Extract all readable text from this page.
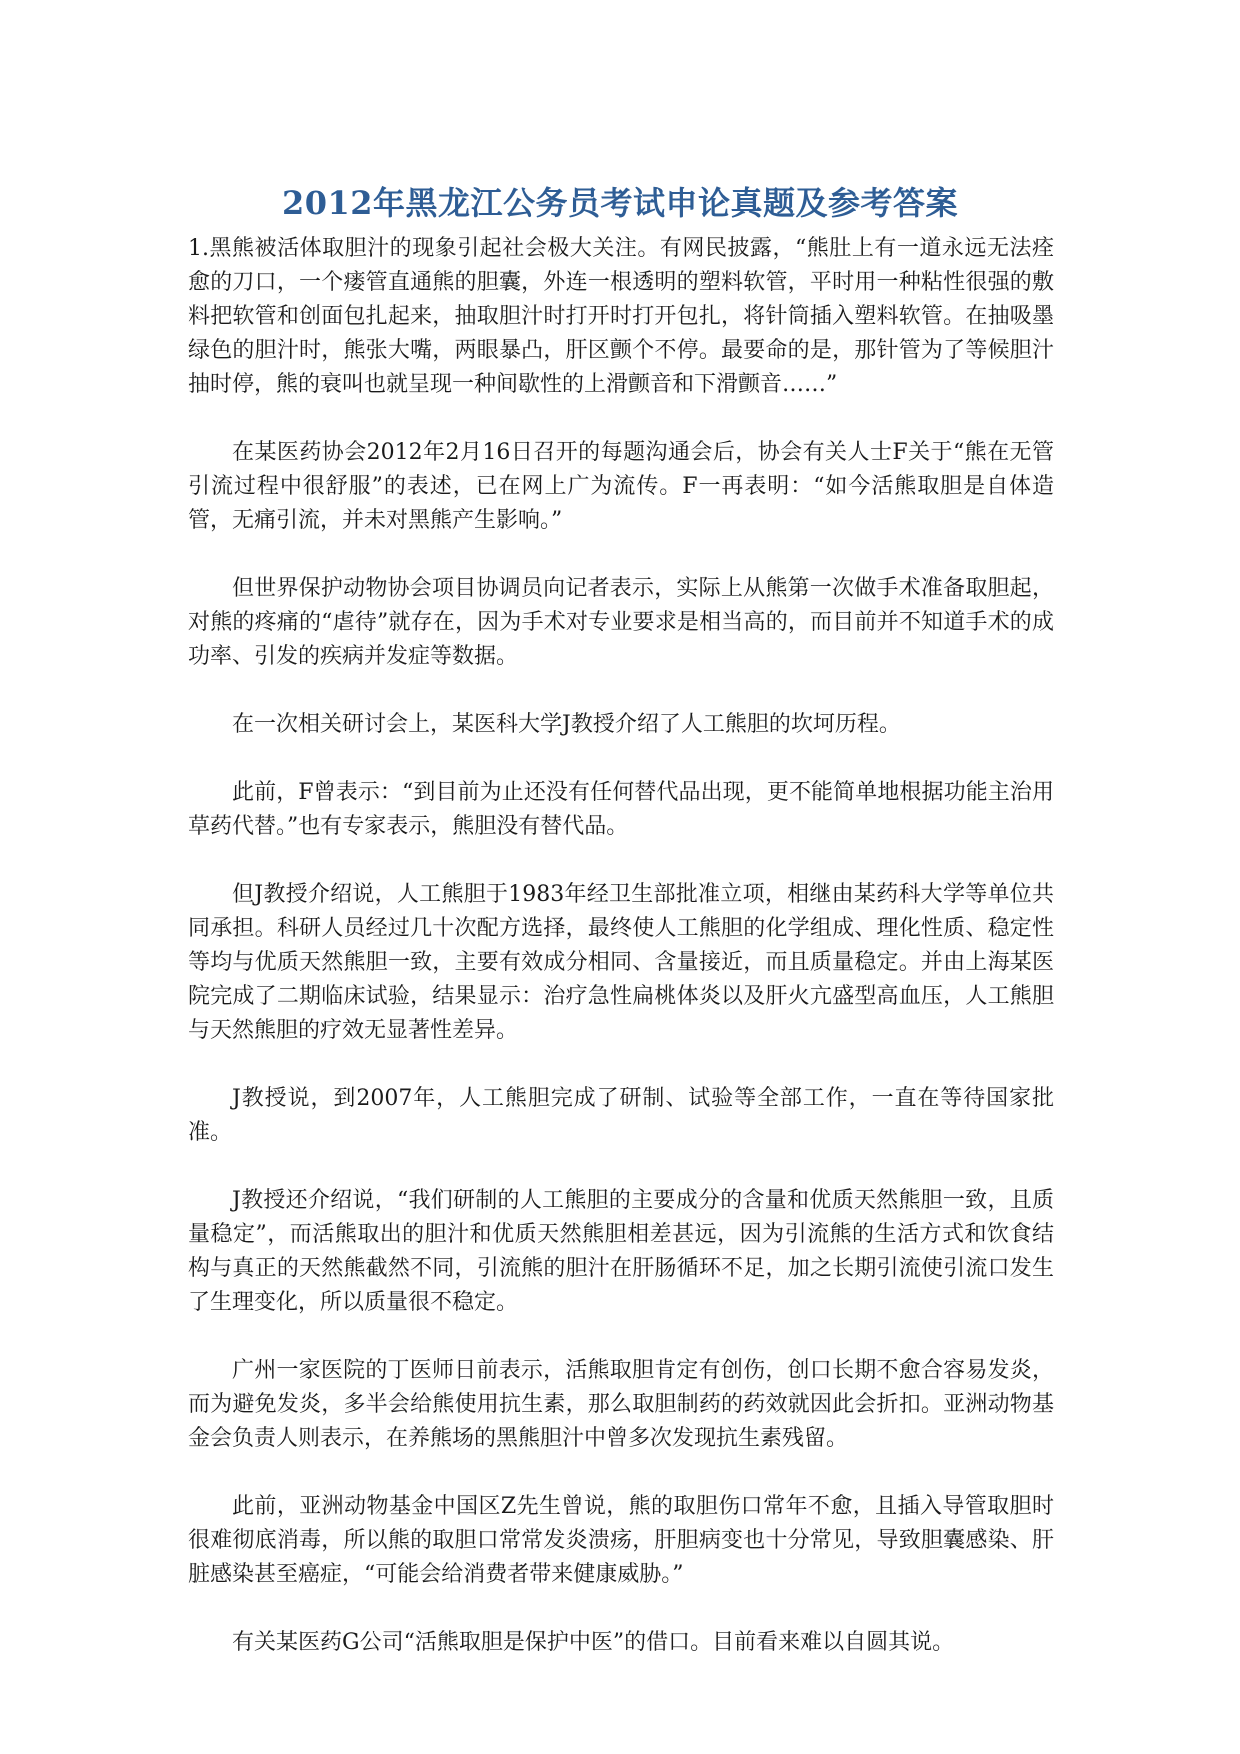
2012年黑龙江公务员考试申论真题及参考答案

1.黑熊被活体取胆汁的现象引起社会极大关注。有网民披露，“熊肚上有一道永远无法痊愈的刀口，一个瘘管直通熊的胆囊，外连一根透明的塑料软管，平时用一种粘性很强的敷料把软管和创面包扎起来，抽取胆汁时打开时打开包扎，将针筒插入塑料软管。在抽吸墨绿色的胆汁时，熊张大嘴，两眼暴凸，肝区颤个不停。最要命的是，那针管为了等候胆汁抽时停，熊的衰叫也就呈现一种间歇性的上滑颤音和下滑颤音……”

在某医药协会2012年2月16日召开的每题沟通会后，协会有关人士F关于“熊在无管引流过程中很舒服”的表述，已在网上广为流传。F一再表明：“如今活熊取胆是自体造管，无痛引流，并未对黑熊产生影响。”

但世界保护动物协会项目协调员向记者表示，实际上从熊第一次做手术准备取胆起，对熊的疼痛的“虐待”就存在，因为手术对专业要求是相当高的，而目前并不知道手术的成功率、引发的疾病并发症等数据。

在一次相关研讨会上，某医科大学J教授介绍了人工熊胆的坎坷历程。

此前，F曾表示：“到目前为止还没有任何替代品出现，更不能简单地根据功能主治用草药代替。”也有专家表示，熊胆没有替代品。

但J教授介绍说，人工熊胆于1983年经卫生部批准立项，相继由某药科大学等单位共同承担。科研人员经过几十次配方选择，最终使人工熊胆的化学组成、理化性质、稳定性等均与优质天然熊胆一致，主要有效成分相同、含量接近，而且质量稳定。并由上海某医院完成了二期临床试验，结果显示：治疗急性扁桃体炎以及肝火亢盛型高血压，人工熊胆与天然熊胆的疗效无显著性差异。

J教授说，到2007年，人工熊胆完成了研制、试验等全部工作，一直在等待国家批准。

J教授还介绍说，“我们研制的人工熊胆的主要成分的含量和优质天然熊胆一致，且质量稳定”，而活熊取出的胆汁和优质天然熊胆相差甚远，因为引流熊的生活方式和饮食结构与真正的天然熊截然不同，引流熊的胆汁在肝肠循环不足，加之长期引流使引流口发生了生理变化，所以质量很不稳定。

广州一家医院的丁医师日前表示，活熊取胆肯定有创伤，创口长期不愈合容易发炎，而为避免发炎，多半会给熊使用抗生素，那么取胆制药的药效就因此会折扣。亚洲动物基金会负责人则表示，在养熊场的黑熊胆汁中曾多次发现抗生素残留。

此前，亚洲动物基金中国区Z先生曾说，熊的取胆伤口常年不愈，且插入导管取胆时很难彻底消毒，所以熊的取胆口常常发炎溃疡，肝胆病变也十分常见，导致胆囊感染、肝脏感染甚至癌症，“可能会给消费者带来健康威胁。”

有关某医药G公司“活熊取胆是保护中医”的借口。目前看来难以自圆其说。
